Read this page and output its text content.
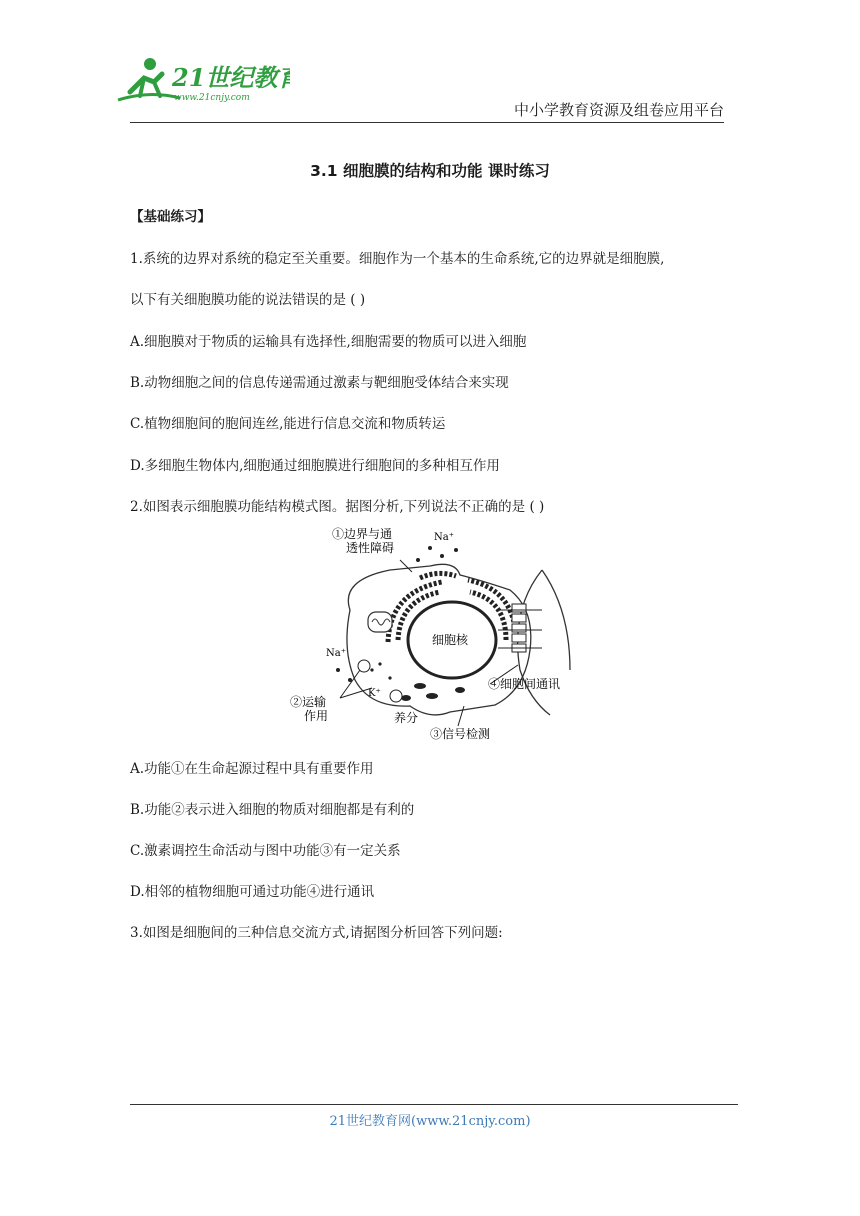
21世纪教育
www.21cnjy.com
中小学教育资源及组卷应用平台
3.1 细胞膜的结构和功能 课时练习
【基础练习】
1.系统的边界对系统的稳定至关重要。细胞作为一个基本的生命系统,它的边界就是细胞膜,
以下有关细胞膜功能的说法错误的是 ( )
A.细胞膜对于物质的运输具有选择性,细胞需要的物质可以进入细胞
B.动物细胞之间的信息传递需通过激素与靶细胞受体结合来实现
C.植物细胞间的胞间连丝,能进行信息交流和物质转运
D.多细胞生物体内,细胞通过细胞膜进行细胞间的多种相互作用
2.如图表示细胞膜功能结构模式图。据图分析,下列说法不正确的是 ( )
①边界与通
透性障碍
Na⁺
细胞核
Na⁺
K⁺
②运输
作用	养分
③信号检测
④细胞间通讯
A.功能①在生命起源过程中具有重要作用
B.功能②表示进入细胞的物质对细胞都是有利的
C.激素调控生命活动与图中功能③有一定关系
D.相邻的植物细胞可通过功能④进行通讯
3.如图是细胞间的三种信息交流方式,请据图分析回答下列问题:
21世纪教育网(www.21cnjy.com)
